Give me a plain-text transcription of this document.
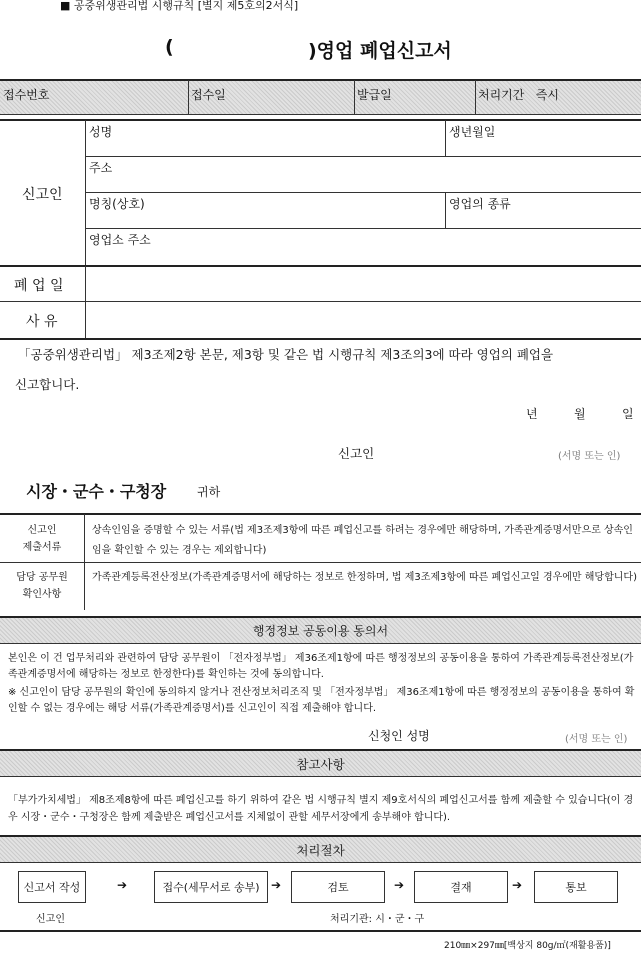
■ 공중위생관리법 시행규칙 [별지 제5호의2서식]
(	)영업 폐업신고서
접수번호	접수일	발급일	처리기간   즉시
신고인
성명	생년월일
주소
명칭(상호)	영업의 종류
영업소 주소
폐 업 일
사 유
「공중위생관리법」 제3조제2항 본문, 제3항 및 같은 법 시행규칙 제3조의3에 따라 영업의 폐업을
신고합니다.
년	월	일
신고인	(서명 또는 인)
시장・군수・구청장	귀하
신고인
제출서류
상속인임을 증명할 수 있는 서류(법 제3조제3항에 따른 폐업신고를 하려는 경우에만 해당하며, 가족관계증명서만으로 상속인임을 확인할 수 있는 경우는 제외합니다)
담당 공무원
확인사항
가족관계등록전산정보(가족관계증명서에 해당하는 정보로 한정하며, 법 제3조제3항에 따른 폐업신고일 경우에만 해당합니다)
행정정보 공동이용 동의서
본인은 이 건 업무처리와 관련하여 담당 공무원이 「전자정부법」 제36조제1항에 따른 행정정보의 공동이용을 통하여 가족관계등록전산정보(가족관계증명서에 해당하는 정보로 한정한다)를 확인하는 것에 동의합니다.
※ 신고인이 담당 공무원의 확인에 동의하지 않거나 전산정보처리조직 및 「전자정부법」 제36조제1항에 따른 행정정보의 공동이용을 통하여 확인할 수 없는 경우에는 해당 서류(가족관계증명서)를 신고인이 직접 제출해야 합니다.
신청인 성명	(서명 또는 인)
참고사항
「부가가치세법」 제8조제8항에 따른 폐업신고를 하기 위하여 같은 법 시행규칙 별지 제9호서식의 폐업신고서를 함께 제출할 수 있습니다(이 경우 시장・군수・구청장은 함께 제출받은 폐업신고서를 지체없이 관할 세무서장에게 송부해야 합니다).
처리절차
신고서 작성	➔	접수(세무서로 송부) ➔	검토	➔	결재	➔	통보
신고인	처리기관: 시・군・구
210㎜×297㎜[백상지 80g/㎡(재활용품)]
